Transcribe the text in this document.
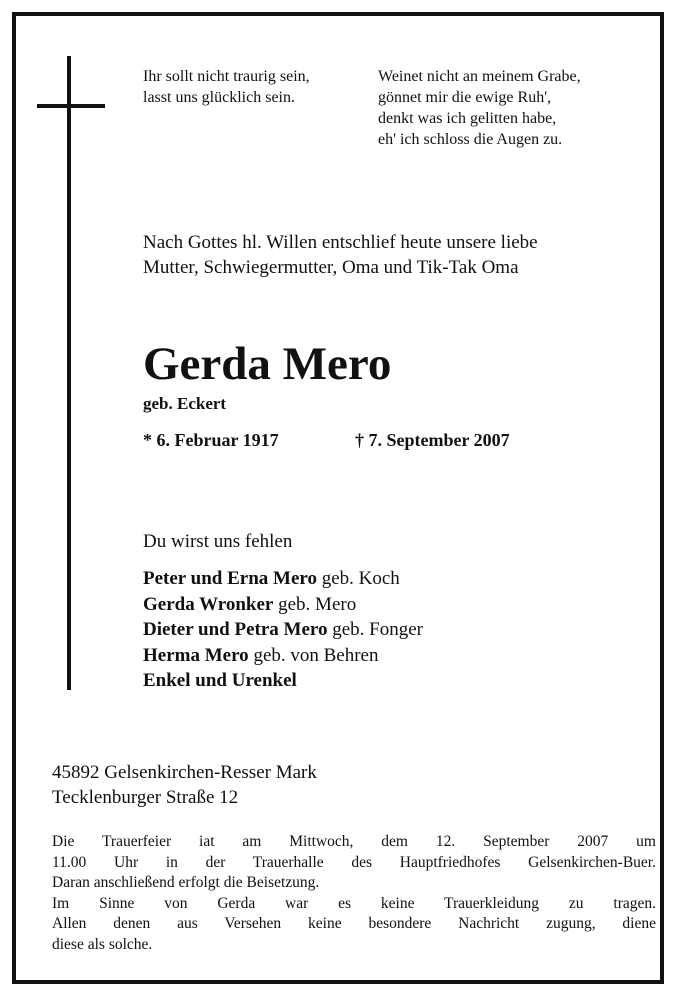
Ihr sollt nicht traurig sein,
lasst uns glücklich sein.
Weinet nicht an meinem Grabe,
gönnet mir die ewige Ruh',
denkt was ich gelitten habe,
eh' ich schloss die Augen zu.
Nach Gottes hl. Willen entschlief heute unsere liebe
Mutter, Schwiegermutter, Oma und Tik-Tak Oma
Gerda Mero
geb. Eckert
* 6. Februar 1917	† 7. September 2007
Du wirst uns fehlen
Peter und Erna Mero geb. Koch
Gerda Wronker geb. Mero
Dieter und Petra Mero geb. Fonger
Herma Mero geb. von Behren
Enkel und Urenkel
45892 Gelsenkirchen-Resser Mark
Tecklenburger Straße 12
Die Trauerfeier iat am Mittwoch, dem 12. September 2007 um
11.00 Uhr in der Trauerhalle des Hauptfriedhofes Gelsenkirchen-Buer.
Daran anschließend erfolgt die Beisetzung.
Im Sinne von Gerda war es keine Trauerkleidung zu tragen.
Allen denen aus Versehen keine besondere Nachricht zugung, diene
diese als solche.
